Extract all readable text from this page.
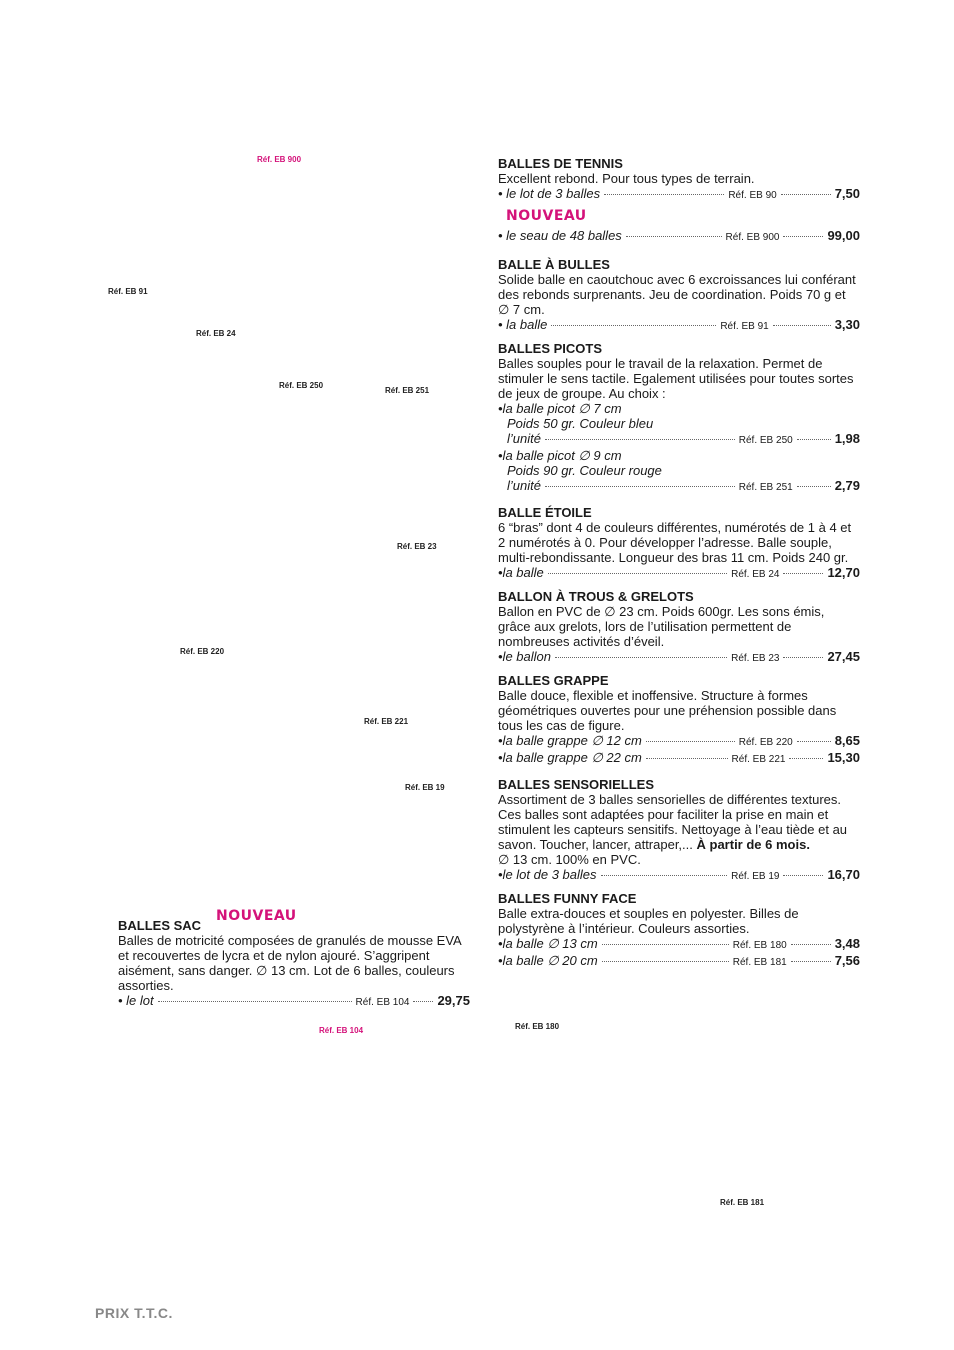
Réf. EB 900
Réf. EB 91
Réf. EB 24
Réf. EB 250
Réf. EB 251
Réf. EB 23
Réf. EB 220
Réf. EB 221
Réf. EB 19
Réf. EB 104	Réf. EB 180
Réf. EB 181
BALLES DE TENNIS
Excellent rebond. Pour tous types de terrain.
• le lot de 3 balles	Réf. EB 90	7,50
NOUVEAU
• le seau de 48 balles	Réf. EB 900	99,00
BALLE À BULLES
Solide balle en caoutchouc avec 6 excroissances lui conférant des rebonds surprenants. Jeu de coordination. Poids 70 g et ∅ 7 cm.
• la balle	Réf. EB 91	3,30
BALLES PICOTS
Balles souples pour le travail de la relaxation. Permet de stimuler le sens tactile. Egalement utilisées pour toutes sortes de jeux de groupe. Au choix :
•la balle picot ∅ 7 cm
Poids 50 gr. Couleur bleu
l’unité	Réf. EB 250	1,98
•la balle picot ∅ 9 cm
Poids 90 gr. Couleur rouge
l’unité	Réf. EB 251	2,79
BALLE ÉTOILE
6 “bras” dont 4 de couleurs différentes, numérotés de 1 à 4 et 2 numérotés à 0. Pour développer l’adresse. Balle souple, multi-rebondissante. Longueur des bras 11 cm. Poids 240 gr.
•la balle	Réf. EB 24	12,70
BALLON À TROUS & GRELOTS
Ballon en PVC de ∅ 23 cm. Poids 600gr. Les sons émis, grâce aux grelots, lors de l’utilisation permettent de nombreuses activités d’éveil.
•le ballon	Réf. EB 23	27,45
BALLES GRAPPE
Balle douce, flexible et inoffensive. Structure à formes géométriques ouvertes pour une préhension possible dans tous les cas de figure.
•la balle grappe ∅ 12 cm	Réf. EB 220	8,65
•la balle grappe ∅ 22 cm	Réf. EB 221	15,30
BALLES SENSORIELLES
Assortiment de 3 balles sensorielles de différentes textures. Ces balles sont adaptées pour faciliter la prise en main et stimulent les capteurs sensitifs. Nettoyage à l’eau tiède et au savon. Toucher, lancer, attraper,... À partir de 6 mois.
∅ 13 cm. 100% en PVC.
•le lot de 3 balles	Réf. EB 19	16,70
BALLES FUNNY FACE
Balle extra-douces et souples en polyester. Billes de polystyrène à l’intérieur. Couleurs assorties.
•la balle ∅ 13 cm	Réf. EB 180	3,48
•la balle ∅ 20 cm	Réf. EB 181	7,56
NOUVEAU
BALLES SAC
Balles de motricité composées de granulés de mousse EVA et recouvertes de lycra et de nylon ajouré. S’aggripent aisément, sans danger. ∅ 13 cm. Lot de 6 balles, couleurs assorties.
• le lot	Réf. EB 104 29,75
PRIX T.T.C.
